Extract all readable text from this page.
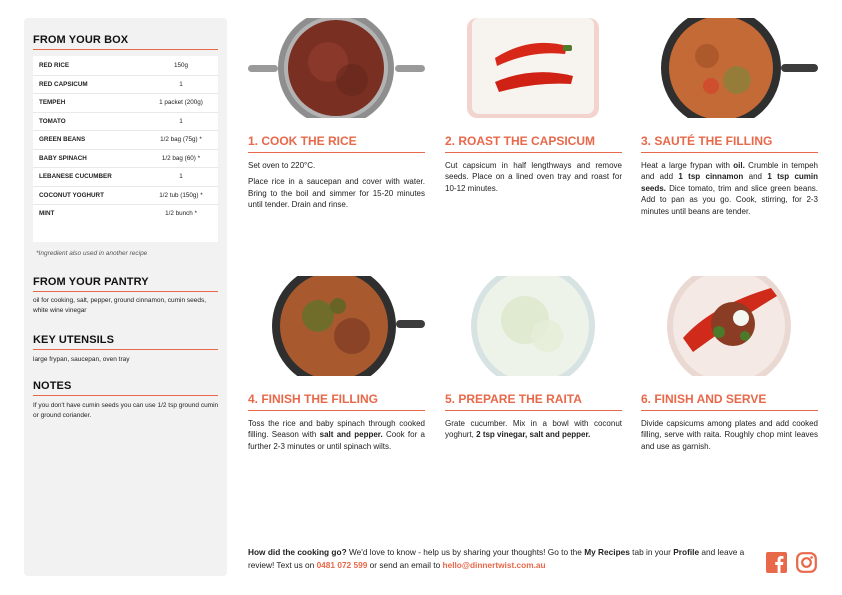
FROM YOUR BOX
RED RICE	150g
RED CAPSICUM	1
TEMPEH	1 packet (200g)
TOMATO	1
GREEN BEANS	1/2 bag (75g) *
BABY SPINACH	1/2 bag (60) *
LEBANESE CUCUMBER	1
COCONUT YOGHURT	1/2 tub (150g) *
MINT	1/2 bunch *
*Ingredient also used in another recipe
FROM YOUR PANTRY
oil for cooking, salt, pepper, ground cinnamon, cumin seeds, white wine vinegar
KEY UTENSILS
large frypan, saucepan, oven tray
NOTES
If you don't have cumin seeds you can use 1/2 tsp ground cumin or ground coriander.
1. COOK THE RICE

Set oven to 220°C.

Place rice in a saucepan and cover with water. Bring to the boil and simmer for 15-20 minutes until tender. Drain and rinse.

2. ROAST THE CAPSICUM

Cut capsicum in half lengthways and remove seeds. Place on a lined oven tray and roast for 10-12 minutes.

3. SAUTÉ THE FILLING

Heat a large frypan with oil. Crumble in tempeh and add 1 tsp cinnamon and 1 tsp cumin seeds. Dice tomato, trim and slice green beans. Add to pan as you go. Cook, stirring, for 2-3 minutes until beans are tender.

4. FINISH THE FILLING

Toss the rice and baby spinach through cooked filling. Season with salt and pepper. Cook for a further 2-3 minutes or until spinach wilts.

5. PREPARE THE RAITA

Grate cucumber. Mix in a bowl with coconut yoghurt, 2 tsp vinegar, salt and pepper.

6. FINISH AND SERVE

Divide capsicums among plates and add cooked filling, serve with raita. Roughly chop mint leaves and use as garnish.

How did the cooking go? We'd love to know - help us by sharing your thoughts! Go to the My Recipes tab in your Profile and leave a review! Text us on 0481 072 599 or send an email to hello@dinnertwist.com.au
